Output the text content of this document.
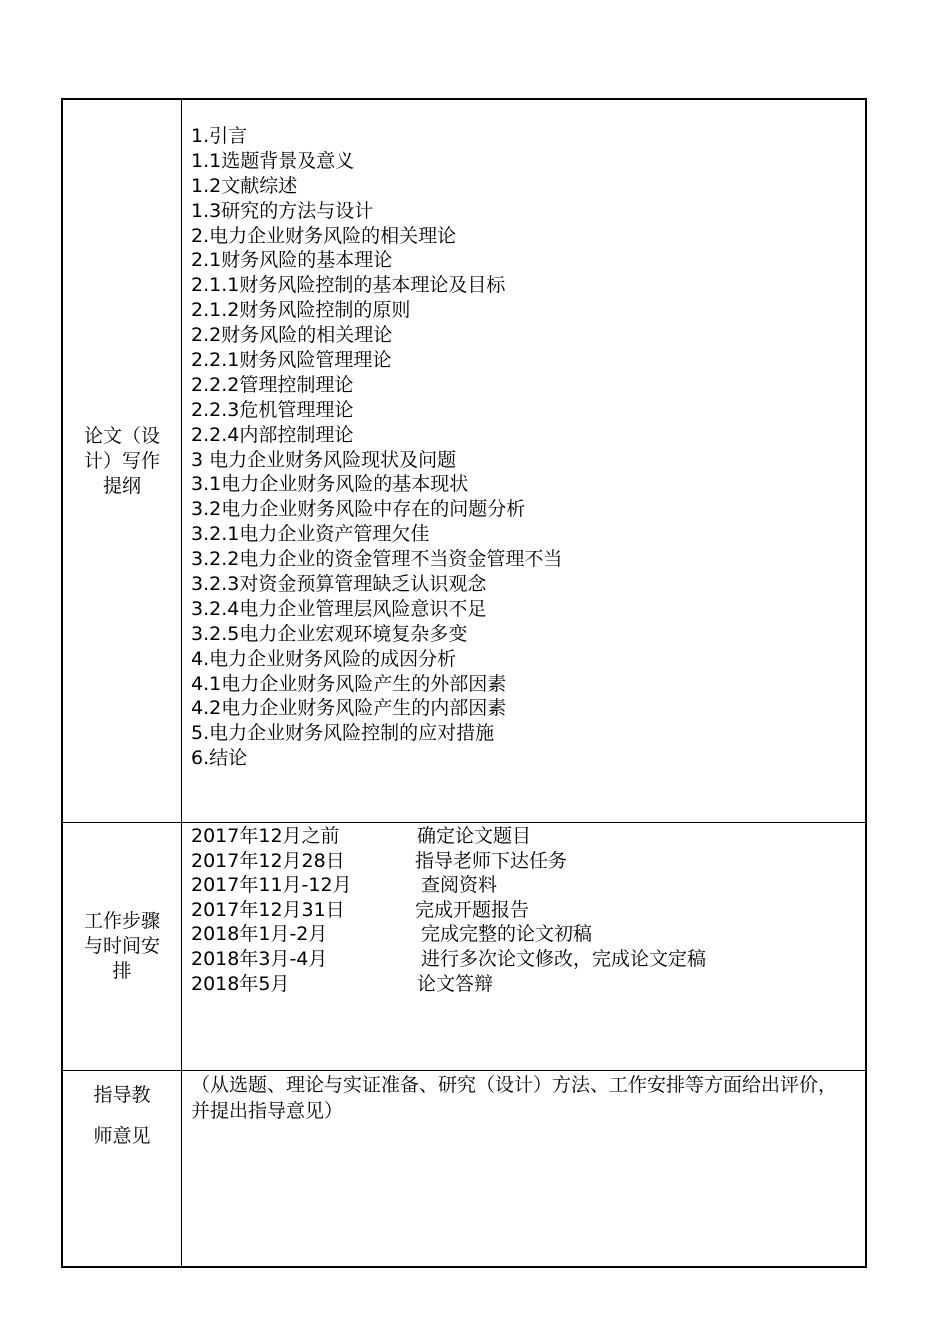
论文（设计）写作提纲
1.引言
1.1选题背景及意义
1.2文献综述
1.3研究的方法与设计
2.电力企业财务风险的相关理论
2.1财务风险的基本理论
2.1.1财务风险控制的基本理论及目标
2.1.2财务风险控制的原则
2.2财务风险的相关理论
2.2.1财务风险管理理论
2.2.2管理控制理论
2.2.3危机管理理论
2.2.4内部控制理论
3 电力企业财务风险现状及问题
3.1电力企业财务风险的基本现状
3.2电力企业财务风险中存在的问题分析
3.2.1电力企业资产管理欠佳
3.2.2电力企业的资金管理不当资金管理不当
3.2.3对资金预算管理缺乏认识观念
3.2.4电力企业管理层风险意识不足
3.2.5电力企业宏观环境复杂多变
4.电力企业财务风险的成因分析
4.1电力企业财务风险产生的外部因素
4.2电力企业财务风险产生的内部因素
5.电力企业财务风险控制的应对措施
6.结论
工作步骤与时间安排
2017年12月之前	确定论文题目
2017年12月28日	指导老师下达任务
2017年11月-12月	查阅资料
2017年12月31日	完成开题报告
2018年1月-2月	完成完整的论文初稿
2018年3月-4月	进行多次论文修改，完成论文定稿
2018年5月	论文答辩
指导教师意见
（从选题、理论与实证准备、研究（设计）方法、工作安排等方面给出评价，并提出指导意见）
